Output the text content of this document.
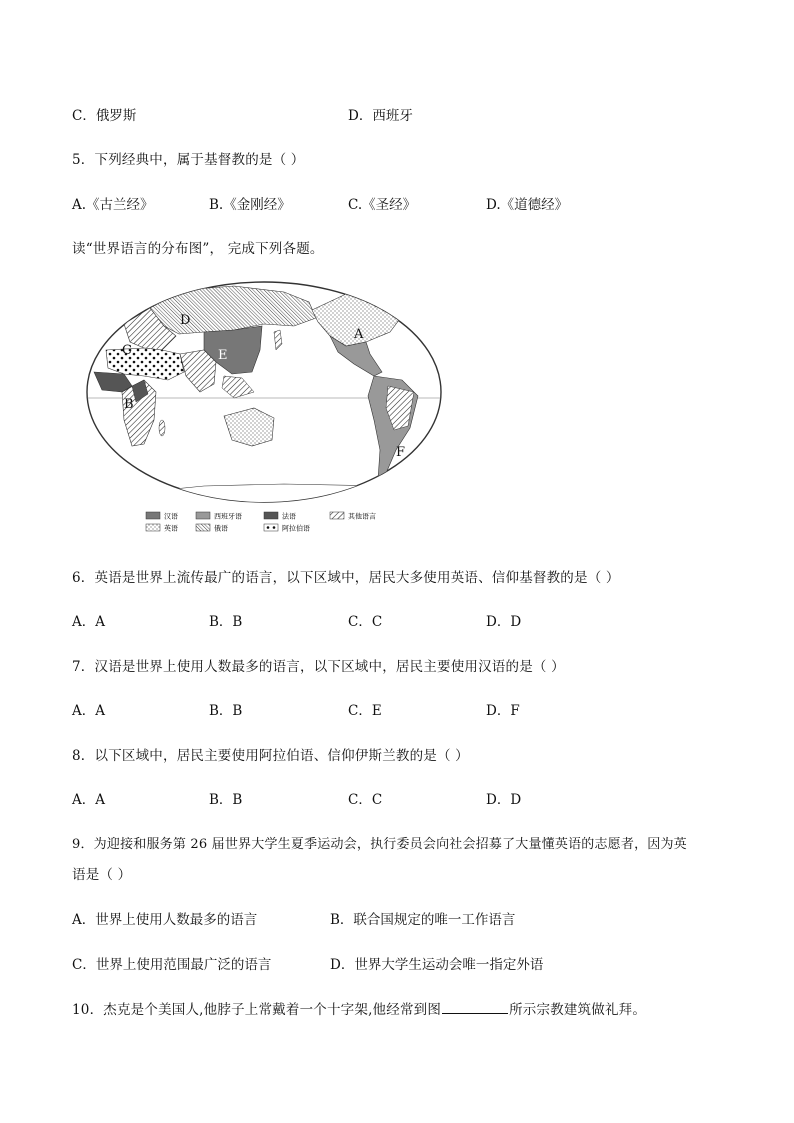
C．俄罗斯	D．西班牙
5．下列经典中，属于基督教的是（ ）
A.《古兰经》	B.《金刚经》	C.《圣经》	D.《道德经》
读“世界语言的分布图”， 完成下列各题。
D
E
C
B
A
F
汉语	西班牙语	法语	其他语言
英语	俄语	阿拉伯语
6．英语是世界上流传最广的语言，以下区域中，居民大多使用英语、信仰基督教的是（ ）
A．A	B．B	C．C	D．D
7．汉语是世界上使用人数最多的语言，以下区域中，居民主要使用汉语的是（ ）
A．A	B．B	C．E	D．F
8．以下区域中，居民主要使用阿拉伯语、信仰伊斯兰教的是（ ）
A．A	B．B	C．C	D．D
9．为迎接和服务第 26 届世界大学生夏季运动会，执行委员会向社会招募了大量懂英语的志愿者，因为英
语是（ ）
A．世界上使用人数最多的语言	B．联合国规定的唯一工作语言
C．世界上使用范围最广泛的语言	D．世界大学生运动会唯一指定外语
10．杰克是个美国人,他脖子上常戴着一个十字架,他经常到图	所示宗教建筑做礼拜。
